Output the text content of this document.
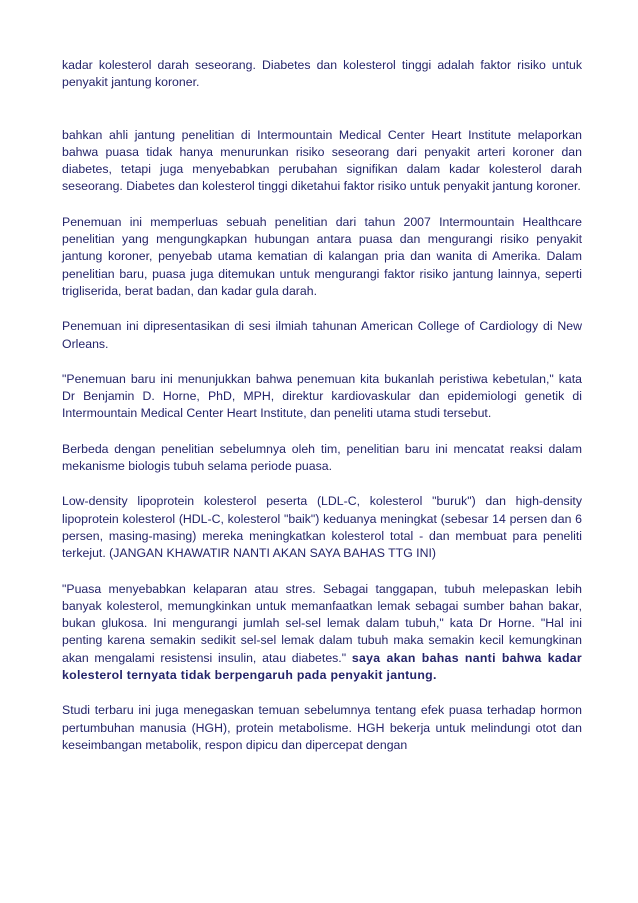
kadar kolesterol darah seseorang. Diabetes dan kolesterol tinggi adalah faktor risiko untuk penyakit jantung koroner.

bahkan ahli jantung penelitian di Intermountain Medical Center Heart Institute melaporkan bahwa puasa tidak hanya menurunkan risiko seseorang dari penyakit arteri koroner dan diabetes, tetapi juga menyebabkan perubahan signifikan dalam kadar kolesterol darah seseorang. Diabetes dan kolesterol tinggi diketahui faktor risiko untuk penyakit jantung koroner.

Penemuan ini memperluas sebuah penelitian dari tahun 2007 Intermountain Healthcare penelitian yang mengungkapkan hubungan antara puasa dan mengurangi risiko penyakit jantung koroner, penyebab utama kematian di kalangan pria dan wanita di Amerika. Dalam penelitian baru, puasa juga ditemukan untuk mengurangi faktor risiko jantung lainnya, seperti trigliserida, berat badan, dan kadar gula darah.

Penemuan ini dipresentasikan di sesi ilmiah tahunan American College of Cardiology di New Orleans.

"Penemuan baru ini menunjukkan bahwa penemuan kita bukanlah peristiwa kebetulan," kata Dr Benjamin D. Horne, PhD, MPH, direktur kardiovaskular dan epidemiologi genetik di Intermountain Medical Center Heart Institute, dan peneliti utama studi tersebut.

Berbeda dengan penelitian sebelumnya oleh tim, penelitian baru ini mencatat reaksi dalam mekanisme biologis tubuh selama periode puasa.

Low-density lipoprotein kolesterol peserta (LDL-C, kolesterol "buruk") dan high-density lipoprotein kolesterol (HDL-C, kolesterol "baik") keduanya meningkat (sebesar 14 persen dan 6 persen, masing-masing) mereka meningkatkan kolesterol total - dan membuat para peneliti terkejut. (JANGAN KHAWATIR NANTI AKAN SAYA BAHAS TTG INI)

"Puasa menyebabkan kelaparan atau stres. Sebagai tanggapan, tubuh melepaskan lebih banyak kolesterol, memungkinkan untuk memanfaatkan lemak sebagai sumber bahan bakar, bukan glukosa. Ini mengurangi jumlah sel-sel lemak dalam tubuh," kata Dr Horne. "Hal ini penting karena semakin sedikit sel-sel lemak dalam tubuh maka semakin kecil kemungkinan akan mengalami resistensi insulin, atau diabetes." saya akan bahas nanti bahwa kadar kolesterol ternyata tidak berpengaruh pada penyakit jantung.

Studi terbaru ini juga menegaskan temuan sebelumnya tentang efek puasa terhadap hormon pertumbuhan manusia (HGH), protein metabolisme. HGH bekerja untuk melindungi otot dan keseimbangan metabolik, respon dipicu dan dipercepat dengan
